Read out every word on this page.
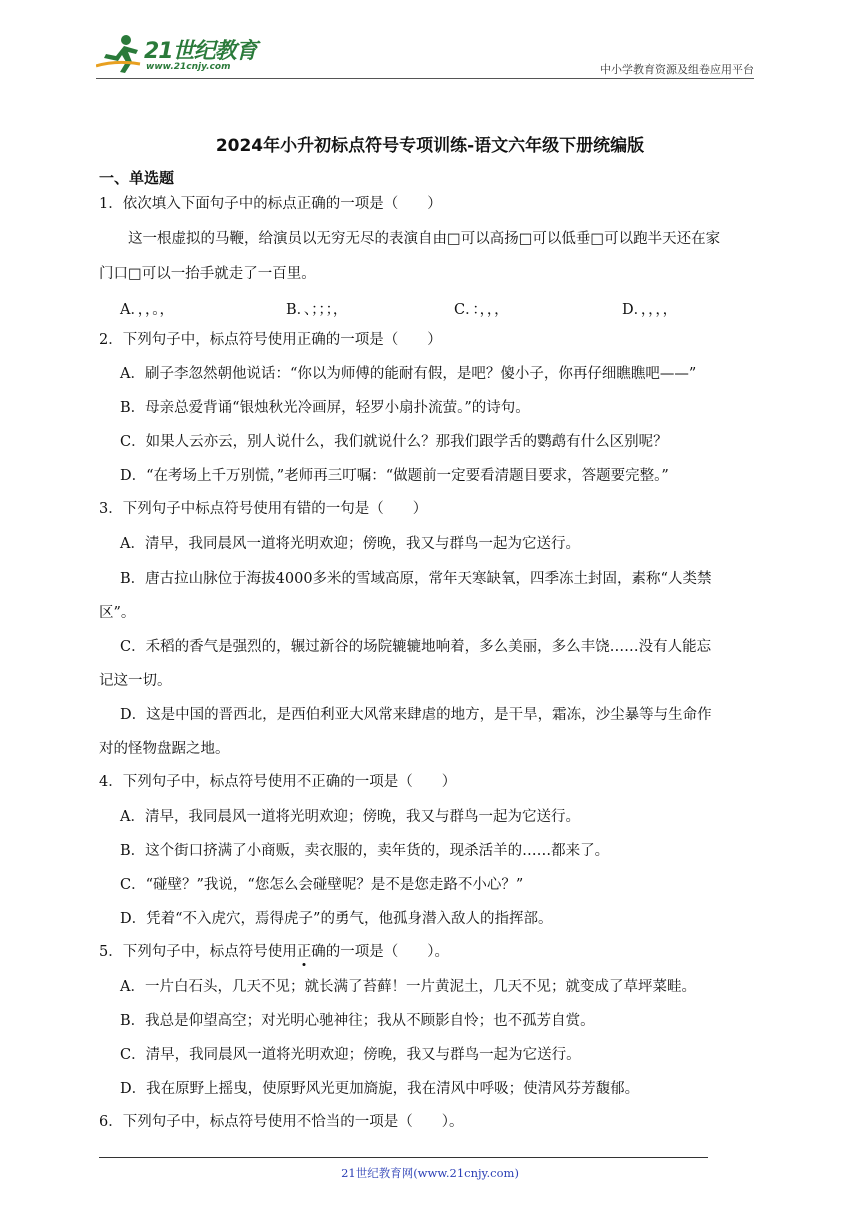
21世纪教育
www.21cnjy.com	中小学教育资源及组卷应用平台
2024年小升初标点符号专项训练-语文六年级下册统编版
一、单选题
1．依次填入下面句子中的标点正确的一项是（　　）
这一根虚拟的马鞭，给演员以无穷无尽的表演自由□可以高扬□可以低垂□可以跑半天还在家
门口□可以一抬手就走了一百里。
A．，，。，	B．、；；；，	C．：，，，	D．，，，，
2．下列句子中，标点符号使用正确的一项是（　　）
A．刷子李忽然朝他说话：“你以为师傅的能耐有假，是吧？傻小子，你再仔细瞧瞧吧——”
B．母亲总爱背诵“银烛秋光冷画屏，轻罗小扇扑流萤。”的诗句。
C．如果人云亦云，别人说什么，我们就说什么？那我们跟学舌的鹦鹉有什么区别呢？
D．“在考场上千万别慌，”老师再三叮嘱：“做题前一定要看清题目要求，答题要完整。”
3．下列句子中标点符号使用有错的一句是（　　）
A．清早，我同晨风一道将光明欢迎；傍晚，我又与群鸟一起为它送行。
B．唐古拉山脉位于海拔4000多米的雪域高原，常年天寒缺氧，四季冻土封固，素称“人类禁
区”。
C．禾稻的香气是强烈的，辗过新谷的场院辘辘地响着，多么美丽，多么丰饶……没有人能忘
记这一切。
D．这是中国的晋西北，是西伯利亚大风常来肆虐的地方，是干旱，霜冻，沙尘暴等与生命作
对的怪物盘踞之地。
4．下列句子中，标点符号使用不正确的一项是（　　）
A．清早，我同晨风一道将光明欢迎；傍晚，我又与群鸟一起为它送行。
B．这个街口挤满了小商贩，卖衣服的，卖年货的，现杀活羊的……都来了。
C．“碰壁？”我说，“您怎么会碰壁呢？是不是您走路不小心？”
D．凭着“不入虎穴，焉得虎子”的勇气，他孤身潜入敌人的指挥部。
5．下列句子中，标点符号使用正确的一项是（　　）。
A．一片白石头，几天不见；就长满了苔藓！一片黄泥土，几天不见；就变成了草坪菜畦。
B．我总是仰望高空；对光明心驰神往；我从不顾影自怜；也不孤芳自赏。
C．清早，我同晨风一道将光明欢迎；傍晚，我又与群鸟一起为它送行。
D．我在原野上摇曳，使原野风光更加旖旎，我在清风中呼吸；使清风芬芳馥郁。
6．下列句子中，标点符号使用不恰当的一项是（　　）。
21世纪教育网(www.21cnjy.com)
